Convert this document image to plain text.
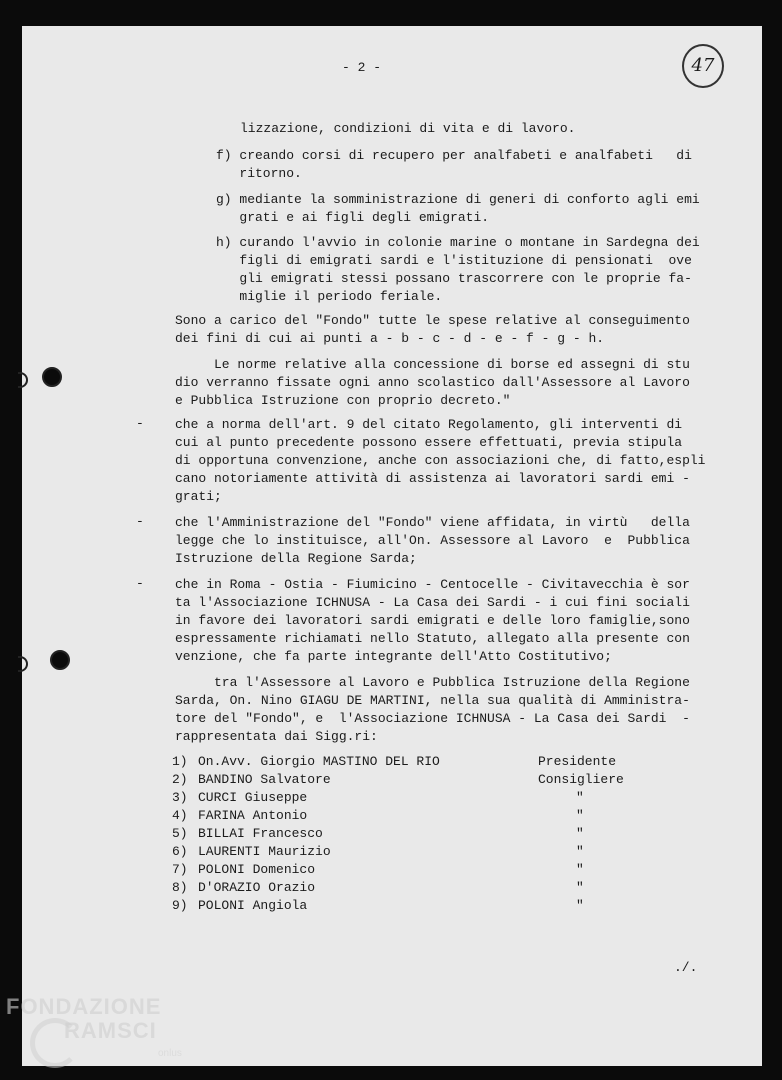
- 2 -	47
lizzazione, condizioni di vita e di lavoro.
f) creando corsi di recupero per analfabeti e analfabeti   di
ritorno.
g) mediante la somministrazione di generi di conforto agli emi
grati e ai figli degli emigrati.
h) curando l'avvio in colonie marine o montane in Sardegna dei
figli di emigrati sardi e l'istituzione di pensionati  ove
gli emigrati stessi possano trascorrere con le proprie fa-
miglie il periodo feriale.
Sono a carico del "Fondo" tutte le spese relative al conseguimento
dei fini di cui ai punti a - b - c - d - e - f - g - h.
Le norme relative alla concessione di borse ed assegni di stu
dio verranno fissate ogni anno scolastico dall'Assessore al Lavoro
e Pubblica Istruzione con proprio decreto."
- che a norma dell'art. 9 del citato Regolamento, gli interventi di
cui al punto precedente possono essere effettuati, previa stipula
di opportuna convenzione, anche con associazioni che, di fatto,espli
cano notoriamente attività di assistenza ai lavoratori sardi emi -
grati;
- che l'Amministrazione del "Fondo" viene affidata, in virtù   della
legge che lo instituisce, all'On. Assessore al Lavoro  e  Pubblica
Istruzione della Regione Sarda;
- che in Roma - Ostia - Fiumicino - Centocelle - Civitavecchia è sor
ta l'Associazione ICHNUSA - La Casa dei Sardi - i cui fini sociali
in favore dei lavoratori sardi emigrati e delle loro famiglie,sono
espressamente richiamati nello Statuto, allegato alla presente con
venzione, che fa parte integrante dell'Atto Costitutivo;
tra l'Assessore al Lavoro e Pubblica Istruzione della Regione
Sarda, On. Nino GIAGU DE MARTINI, nella sua qualità di Amministra-
tore del "Fondo", e  l'Associazione ICHNUSA - La Casa dei Sardi  -
rappresentata dai Sigg.ri:
1) On.Avv. Giorgio MASTINO DEL RIO	Presidente
2) BANDINO Salvatore	Consigliere
3) CURCI Giuseppe	"
4) FARINA Antonio	"
5) BILLAI Francesco	"
6) LAURENTI Maurizio	"
7) POLONI Domenico	"
8) D'ORAZIO Orazio	"
9) POLONI Angiola	"
./.
FONDAZIONE
RAMSCI
onlus
